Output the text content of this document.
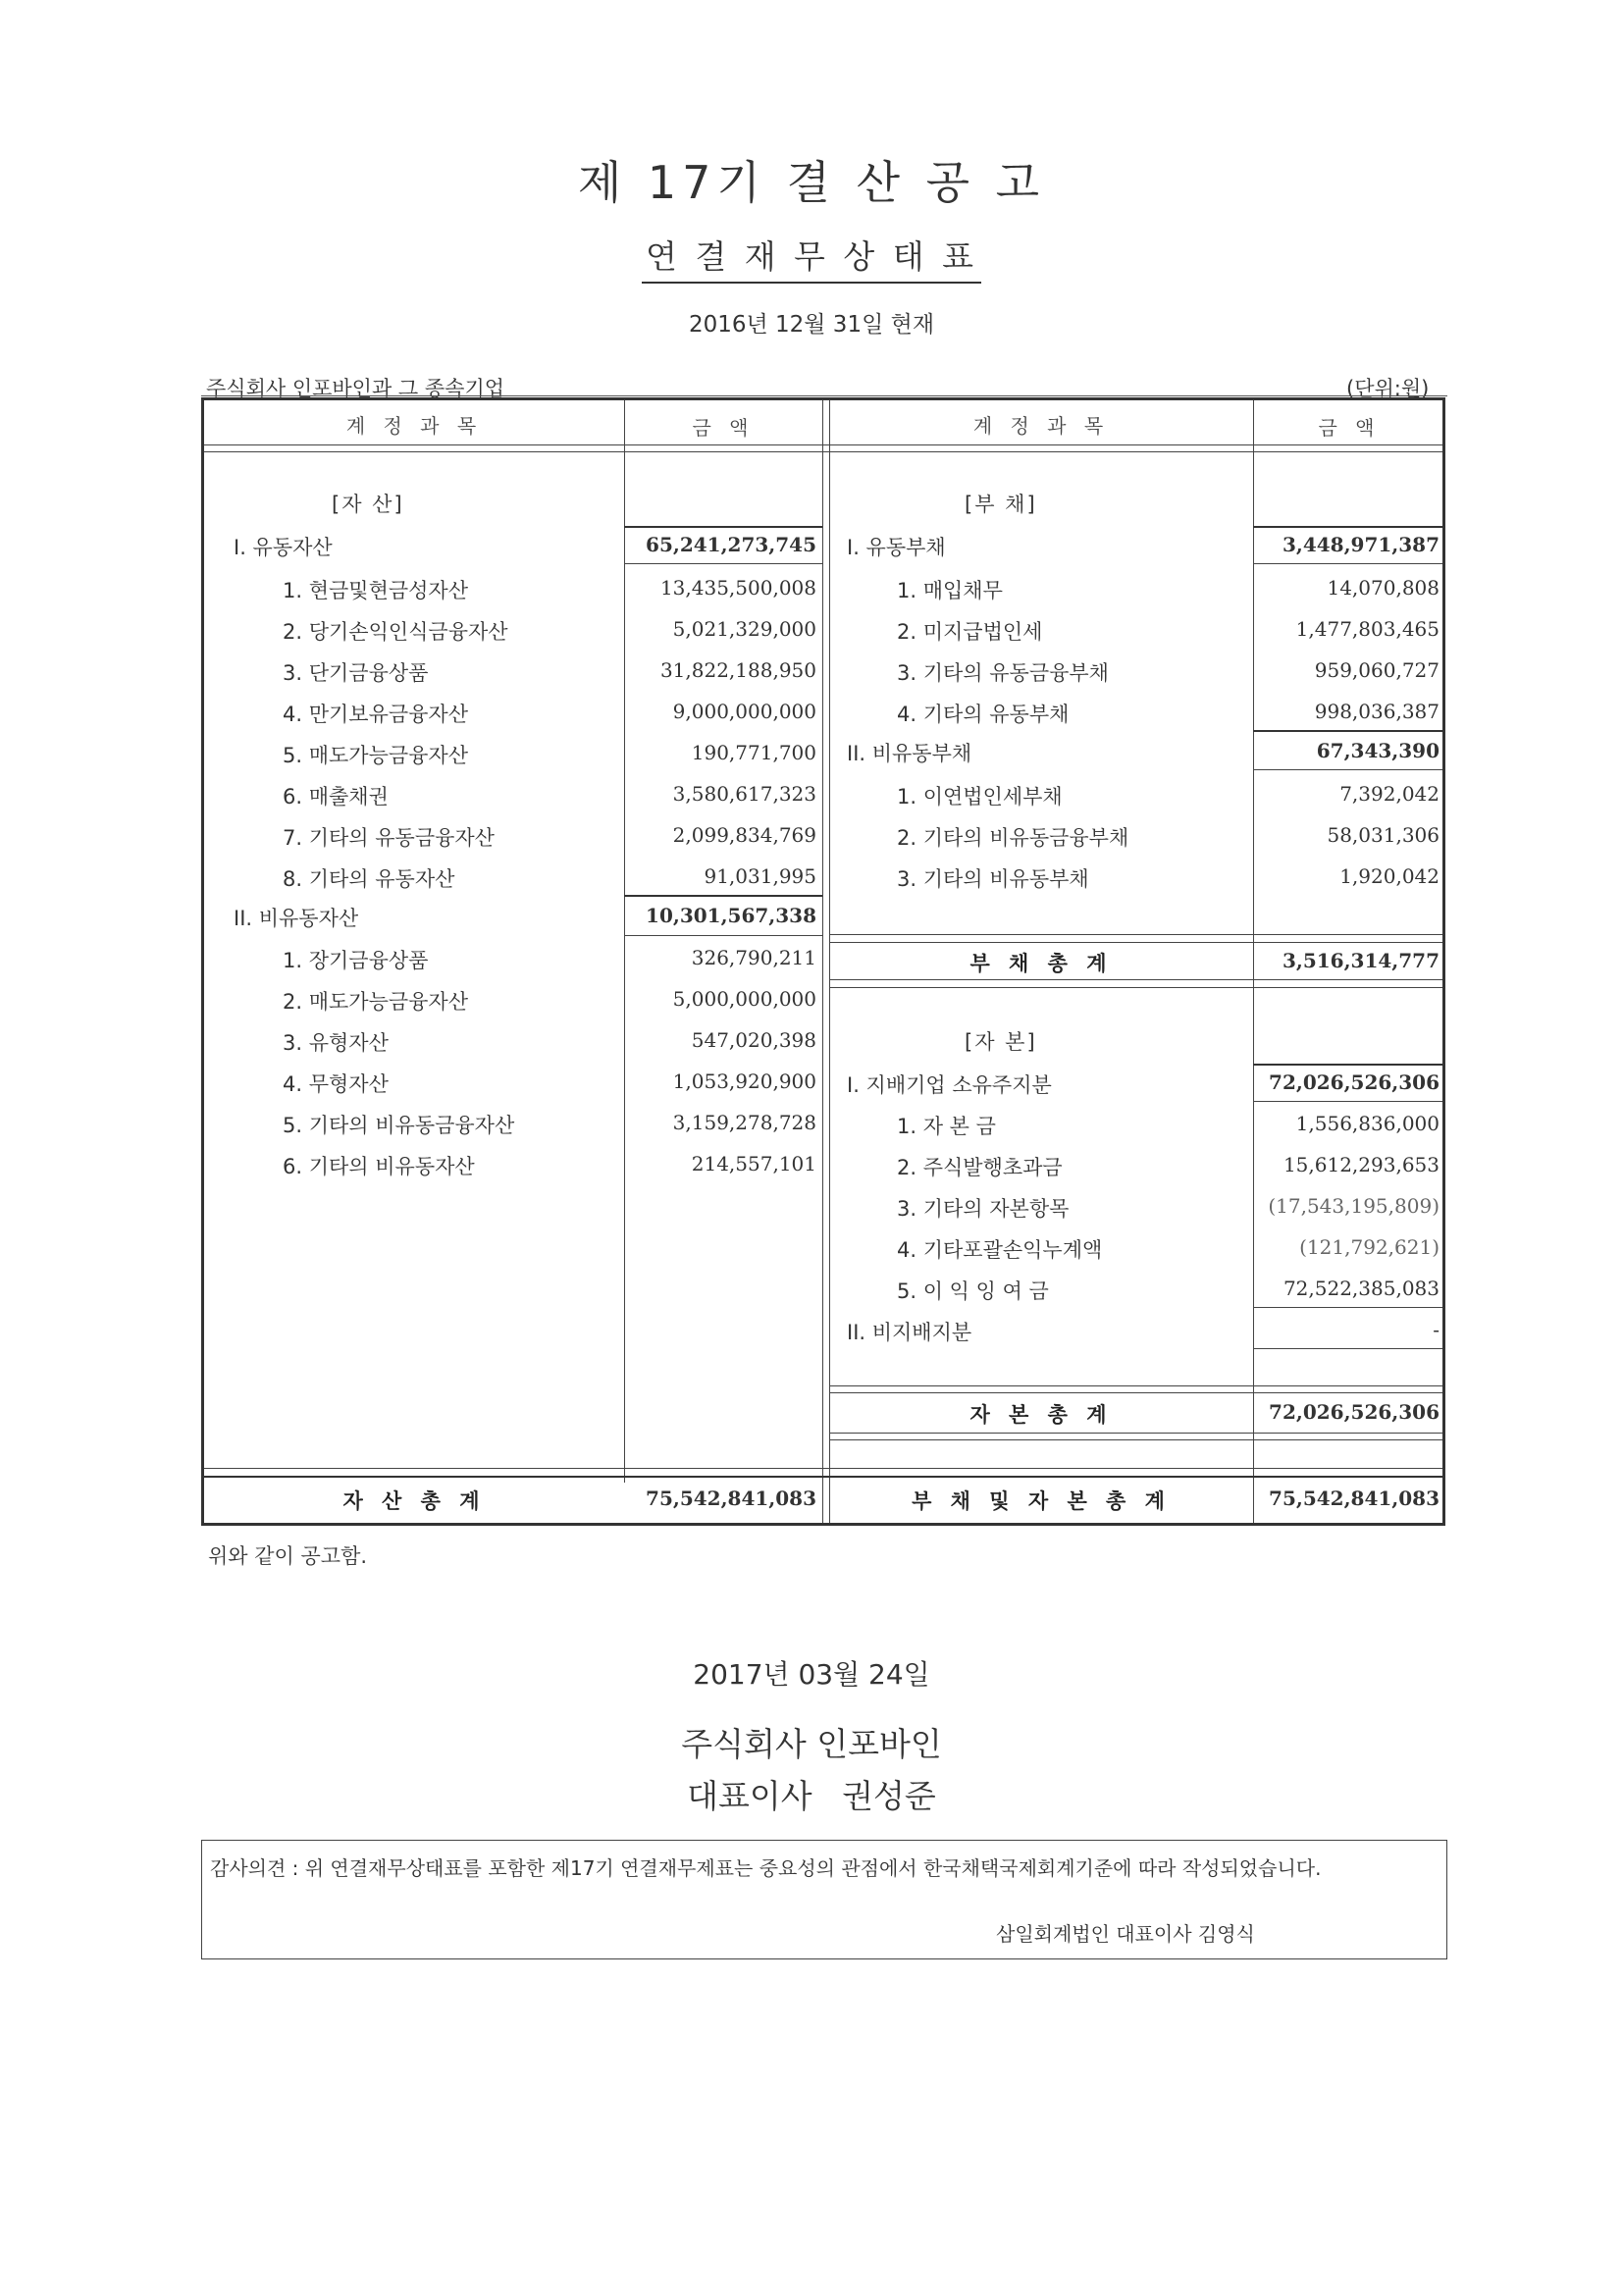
제 17기 결 산 공 고
연 결 재 무 상 태 표
2016년 12월 31일 현재
주식회사 인포바인과 그 종속기업	(단위:원)
계 정 과 목	금 액	계 정 과 목	금 액
[자 산]
I. 유동자산	65,241,273,745
1. 현금및현금성자산	13,435,500,008
2. 당기손익인식금융자산	5,021,329,000
3. 단기금융상품	31,822,188,950
4. 만기보유금융자산	9,000,000,000
5. 매도가능금융자산	190,771,700
6. 매출채권	3,580,617,323
7. 기타의 유동금융자산	2,099,834,769
8. 기타의 유동자산	91,031,995
II. 비유동자산	10,301,567,338
1. 장기금융상품	326,790,211
2. 매도가능금융자산	5,000,000,000
3. 유형자산	547,020,398
4. 무형자산	1,053,920,900
5. 기타의 비유동금융자산	3,159,278,728
6. 기타의 비유동자산	214,557,101
[부 채]
I. 유동부채	3,448,971,387
1. 매입채무	14,070,808
2. 미지급법인세	1,477,803,465
3. 기타의 유동금융부채	959,060,727
4. 기타의 유동부채	998,036,387
II. 비유동부채	67,343,390
1. 이연법인세부채	7,392,042
2. 기타의 비유동금융부채	58,031,306
3. 기타의 비유동부채	1,920,042
부 채 총 계	3,516,314,777
[자 본]
I. 지배기업 소유주지분	72,026,526,306
1. 자 본 금	1,556,836,000
2. 주식발행초과금	15,612,293,653
3. 기타의 자본항목	(17,543,195,809)
4. 기타포괄손익누계액	(121,792,621)
5. 이 익 잉 여 금	72,522,385,083
II. 비지배지분	-
자 본 총 계	72,026,526,306
자 산 총 계	75,542,841,083	부 채 및 자 본 총 계	75,542,841,083
위와 같이 공고함.
2017년 03월 24일
주식회사 인포바인
대표이사 권성준
감사의견 : 위 연결재무상태표를 포함한 제17기 연결재무제표는 중요성의 관점에서 한국채택국제회계기준에 따라 작성되었습니다.
삼일회계법인 대표이사 김영식
